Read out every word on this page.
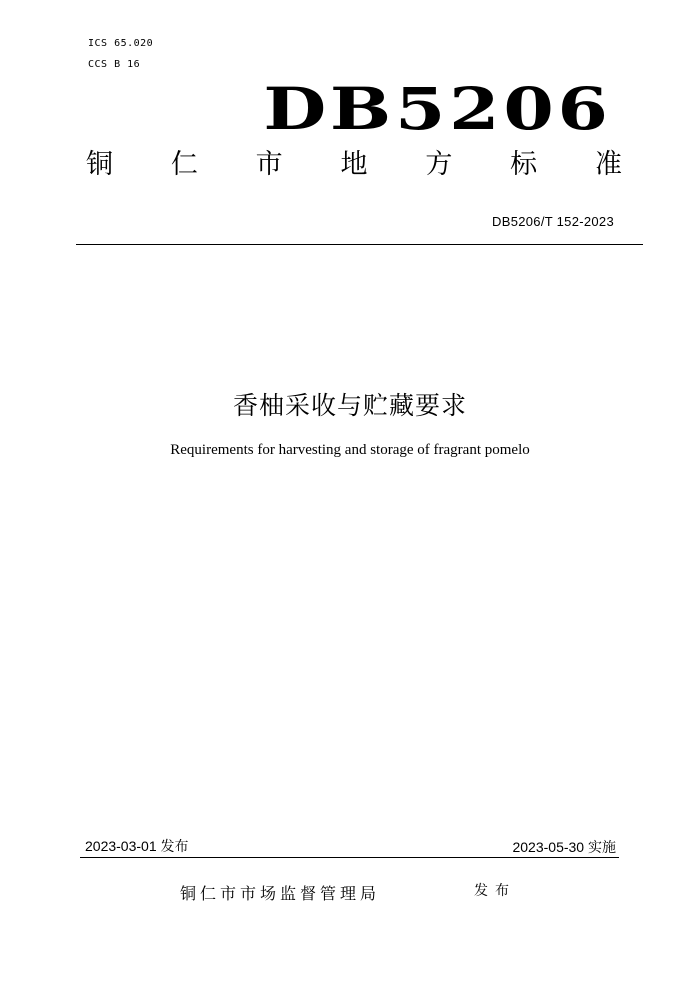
ICS 65.020
CCS B 16
DB5206
铜 仁 市 地 方 标 准
DB5206/T 152-2023
香柚采收与贮藏要求
Requirements for harvesting and storage of fragrant pomelo
2023-03-01 发布	2023-05-30 实施
铜仁市市场监督管理局	发布
